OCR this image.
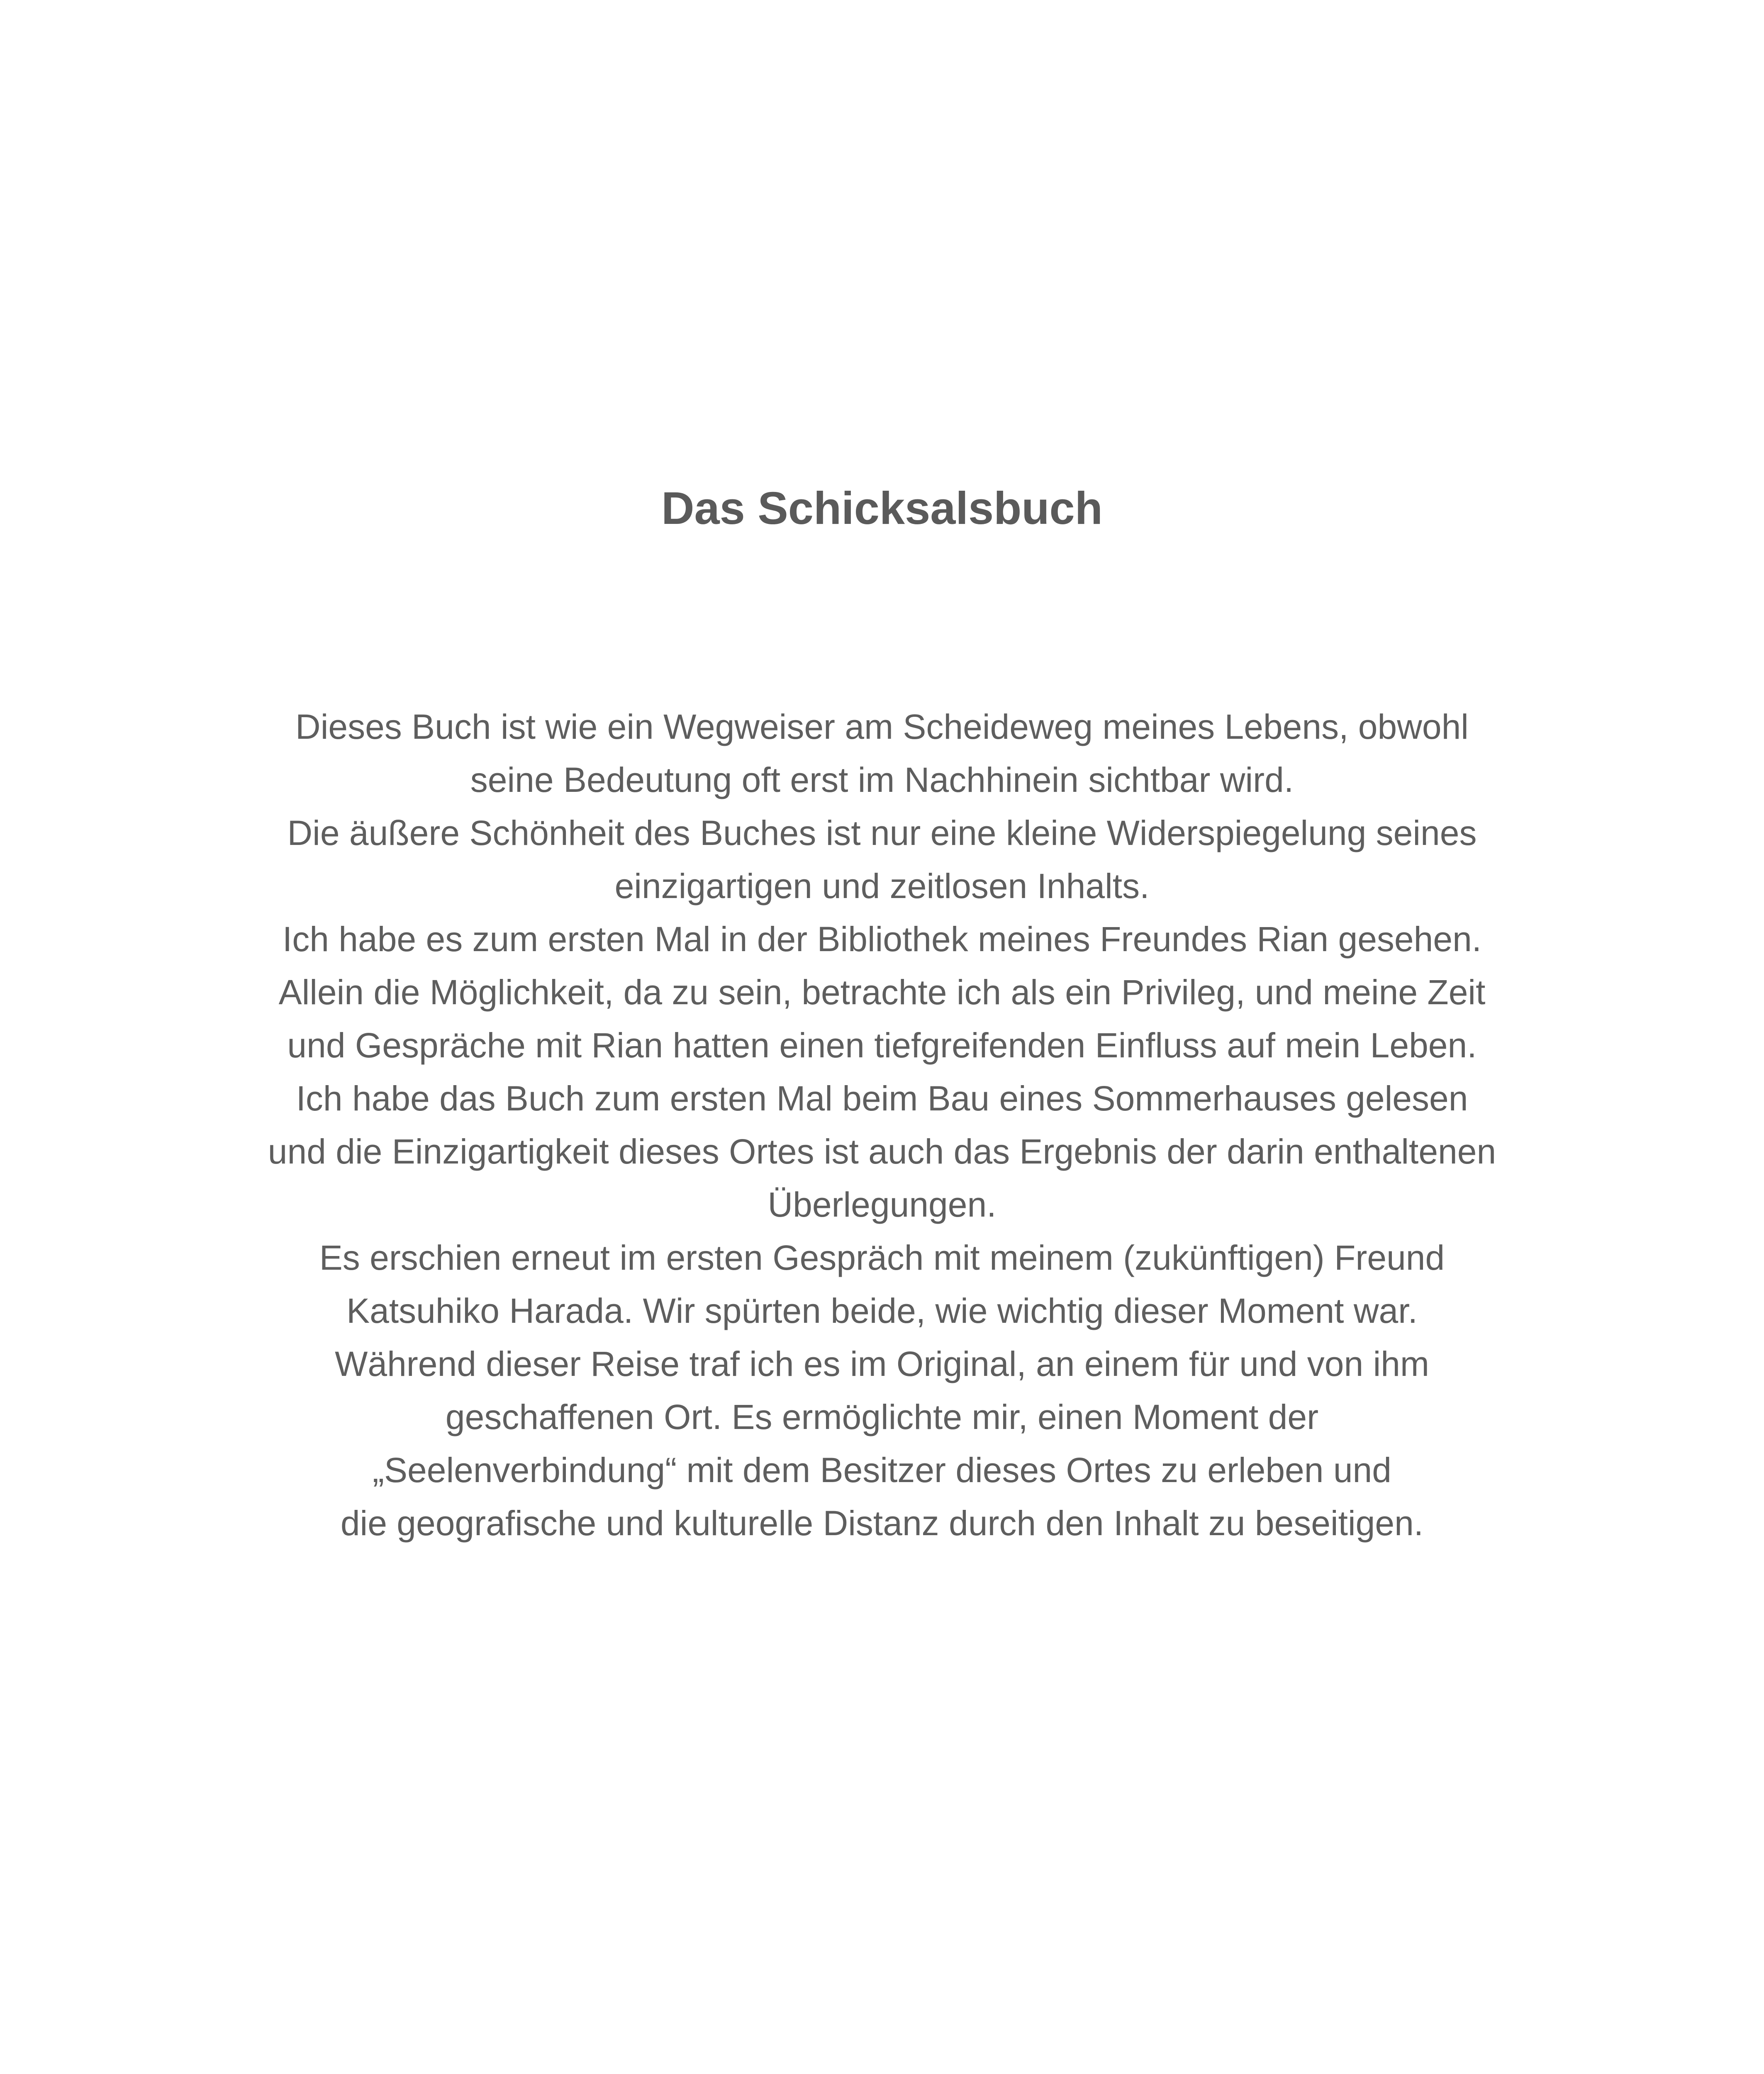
Das Schicksalsbuch
Dieses Buch ist wie ein Wegweiser am Scheideweg meines Lebens, obwohl
seine Bedeutung oft erst im Nachhinein sichtbar wird.
Die äußere Schönheit des Buches ist nur eine kleine Widerspiegelung seines
einzigartigen und zeitlosen Inhalts.
Ich habe es zum ersten Mal in der Bibliothek meines Freundes Rian gesehen.
Allein die Möglichkeit, da zu sein, betrachte ich als ein Privileg, und meine Zeit
und Gespräche mit Rian hatten einen tiefgreifenden Einfluss auf mein Leben.
Ich habe das Buch zum ersten Mal beim Bau eines Sommerhauses gelesen
und die Einzigartigkeit dieses Ortes ist auch das Ergebnis der darin enthaltenen
Überlegungen.
Es erschien erneut im ersten Gespräch mit meinem (zukünftigen) Freund
Katsuhiko Harada. Wir spürten beide, wie wichtig dieser Moment war.
Während dieser Reise traf ich es im Original, an einem für und von ihm
geschaffenen Ort. Es ermöglichte mir, einen Moment der
„Seelenverbindung“ mit dem Besitzer dieses Ortes zu erleben und
die geografische und kulturelle Distanz durch den Inhalt zu beseitigen.
